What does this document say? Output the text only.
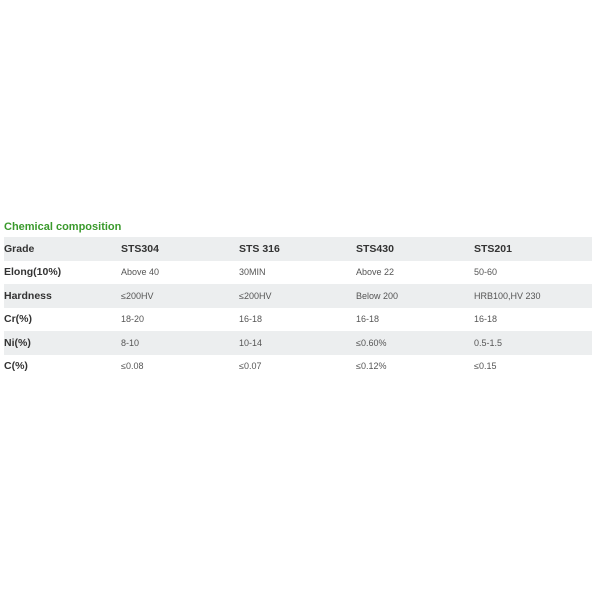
Chemical composition
Grade	STS304	STS 316	STS430	STS201
Elong(10%)	Above 40	30MIN	Above 22	50-60
Hardness	≤200HV	≤200HV	Below 200	HRB100,HV 230
Cr(%)	18-20	16-18	16-18	16-18
Ni(%)	8-10	10-14	≤0.60%	0.5-1.5
C(%)	≤0.08	≤0.07	≤0.12%	≤0.15
